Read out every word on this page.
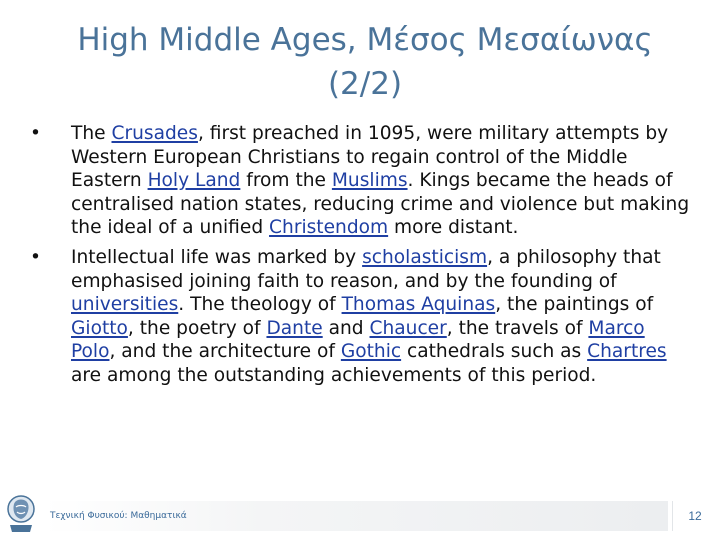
High Middle Ages, Μέσος Μεσαίωνας
(2/2)
• The Crusades, first preached in 1095, were military attempts by Western European Christians to regain control of the Middle Eastern Holy Land from the Muslims. Kings became the heads of centralised nation states, reducing crime and violence but making the ideal of a unified Christendom more distant.
• Intellectual life was marked by scholasticism, a philosophy that emphasised joining faith to reason, and by the founding of universities. The theology of Thomas Aquinas, the paintings of Giotto, the poetry of Dante and Chaucer, the travels of Marco Polo, and the architecture of Gothic cathedrals such as Chartres are among the outstanding achievements of this period.
Τεχνική Φυσικού: Μαθηματικά	12
